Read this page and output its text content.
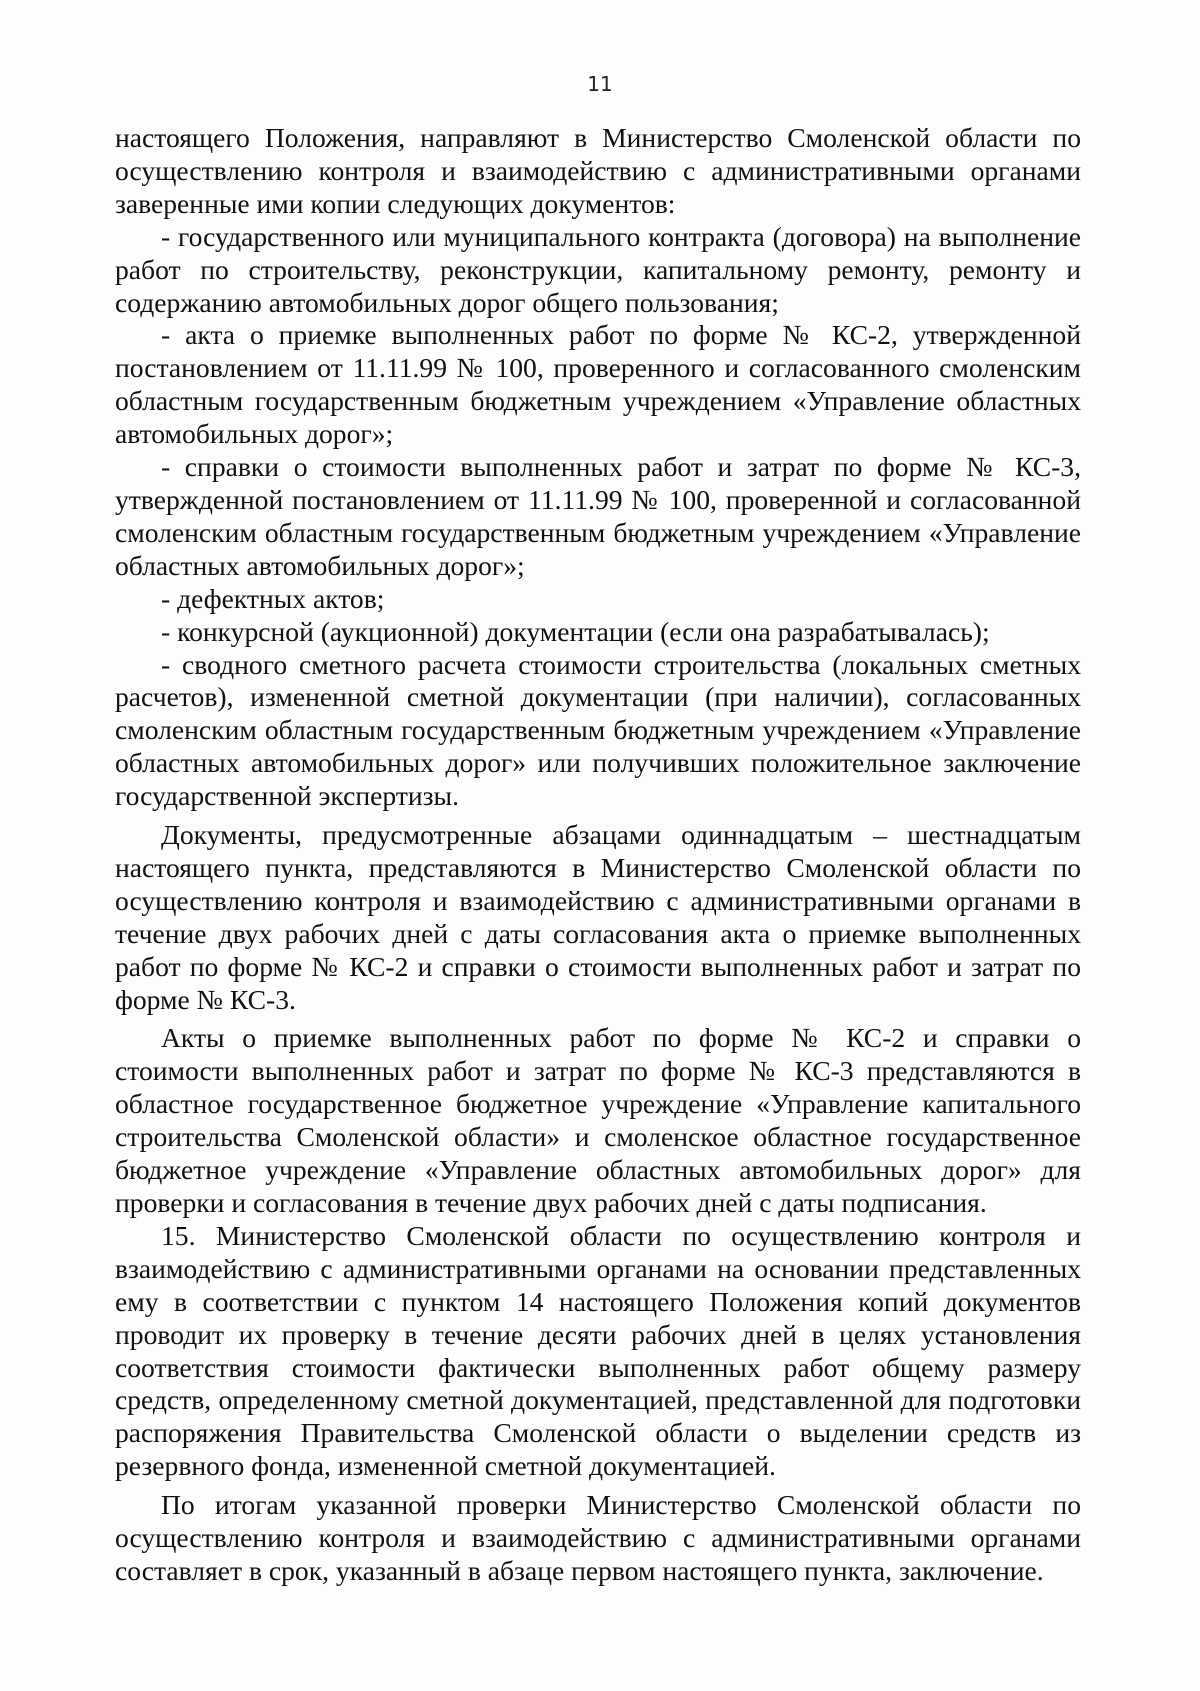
11

настоящего Положения, направляют в Министерство Смоленской области по осуществлению контроля и взаимодействию с административными органами заверенные ими копии следующих документов:

- государственного или муниципального контракта (договора) на выполнение работ по строительству, реконструкции, капитальному ремонту, ремонту и содержанию автомобильных дорог общего пользования;

- акта о приемке выполненных работ по форме № КС-2, утвержденной постановлением от 11.11.99 № 100, проверенного и согласованного смоленским областным государственным бюджетным учреждением «Управление областных автомобильных дорог»;

- справки о стоимости выполненных работ и затрат по форме № КС-3, утвержденной постановлением от 11.11.99 № 100, проверенной и согласованной смоленским областным государственным бюджетным учреждением «Управление областных автомобильных дорог»;

- дефектных актов;

- конкурсной (аукционной) документации (если она разрабатывалась);

- сводного сметного расчета стоимости строительства (локальных сметных расчетов), измененной сметной документации (при наличии), согласованных смоленским областным государственным бюджетным учреждением «Управление областных автомобильных дорог» или получивших положительное заключение государственной экспертизы.

Документы, предусмотренные абзацами одиннадцатым – шестнадцатым настоящего пункта, представляются в Министерство Смоленской области по осуществлению контроля и взаимодействию с административными органами в течение двух рабочих дней с даты согласования акта о приемке выполненных работ по форме № КС-2 и справки о стоимости выполненных работ и затрат по форме № КС-3.

Акты о приемке выполненных работ по форме № КС-2 и справки о стоимости выполненных работ и затрат по форме № КС-3 представляются в областное государственное бюджетное учреждение «Управление капитального строительства Смоленской области» и смоленское областное государственное бюджетное учреждение «Управление областных автомобильных дорог» для проверки и согласования в течение двух рабочих дней с даты подписания.

15. Министерство Смоленской области по осуществлению контроля и взаимодействию с административными органами на основании представленных ему в соответствии с пунктом 14 настоящего Положения копий документов проводит их проверку в течение десяти рабочих дней в целях установления соответствия стоимости фактически выполненных работ общему размеру средств, определенному сметной документацией, представленной для подготовки распоряжения Правительства Смоленской области о выделении средств из резервного фонда, измененной сметной документацией.

По итогам указанной проверки Министерство Смоленской области по осуществлению контроля и взаимодействию с административными органами составляет в срок, указанный в абзаце первом настоящего пункта, заключение.
